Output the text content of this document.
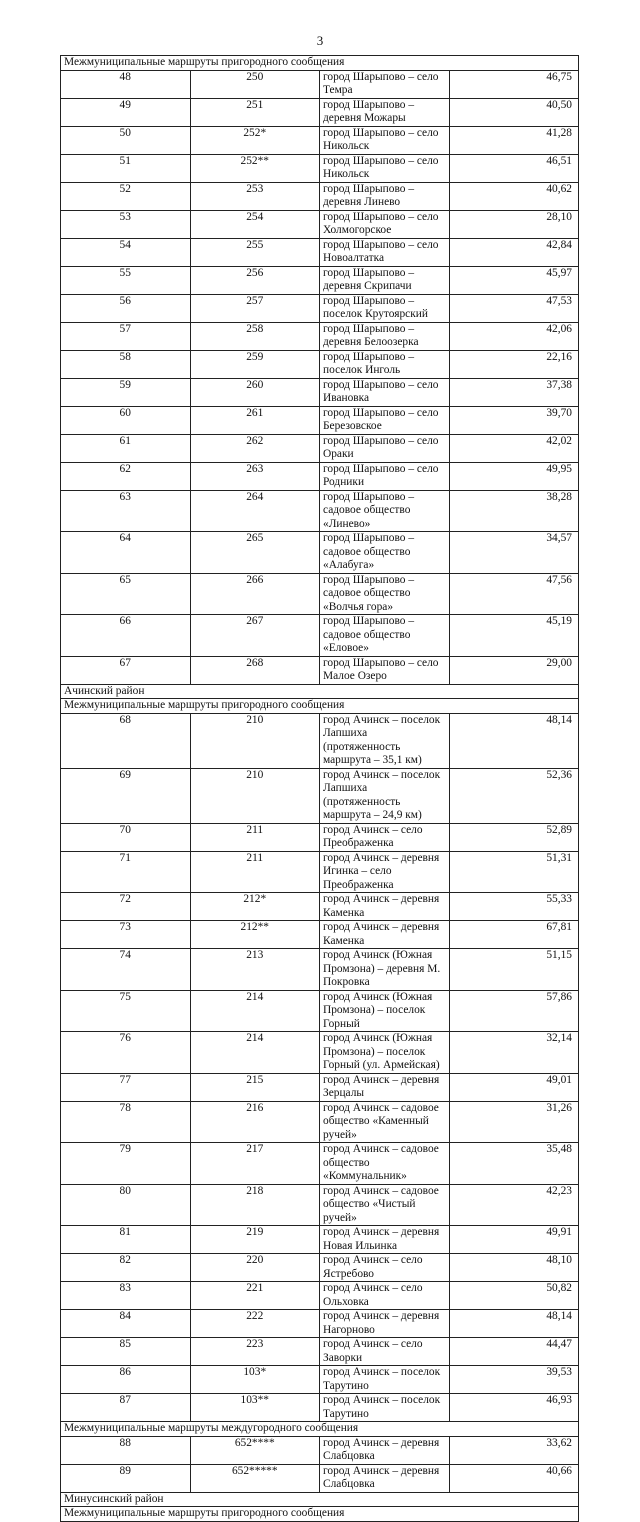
3
Межмуниципальные маршруты пригородного сообщения			
48	250	город Шарыпово – село Темра	46,75
49	251	город Шарыпово – деревня Можары	40,50
50	252*	город Шарыпово – село Никольск	41,28
51	252**	город Шарыпово – село Никольск	46,51
52	253	город Шарыпово – деревня Линево	40,62
53	254	город Шарыпово – село Холмогорское	28,10
54	255	город Шарыпово – село Новоалтатка	42,84
55	256	город Шарыпово – деревня Скрипачи	45,97
56	257	город Шарыпово – поселок Крутоярский	47,53
57	258	город Шарыпово – деревня Белоозерка	42,06
58	259	город Шарыпово – поселок Инголь	22,16
59	260	город Шарыпово – село Ивановка	37,38
60	261	город Шарыпово – село Березовское	39,70
61	262	город Шарыпово – село Ораки	42,02
62	263	город Шарыпово – село Родники	49,95
63	264	город Шарыпово – садовое общество «Линево»	38,28
64	265	город Шарыпово – садовое общество «Алабуга»	34,57
65	266	город Шарыпово – садовое общество «Волчья гора»	47,56
66	267	город Шарыпово – садовое общество «Еловое»	45,19
67	268	город Шарыпово – село Малое Озеро	29,00
Ачинский район			
Межмуниципальные маршруты пригородного сообщения			
68	210	город Ачинск – поселок Лапшиха (протяженность маршрута – 35,1 км)	48,14
69	210	город Ачинск – поселок Лапшиха (протяженность маршрута – 24,9 км)	52,36
70	211	город Ачинск – село Преображенка	52,89
71	211	город Ачинск – деревня Игинка – село Преображенка	51,31
72	212*	город Ачинск – деревня Каменка	55,33
73	212**	город Ачинск – деревня Каменка	67,81
74	213	город Ачинск (Южная Промзона) – деревня М. Покровка	51,15
75	214	город Ачинск (Южная Промзона) – поселок Горный	57,86
76	214	город Ачинск (Южная Промзона) – поселок Горный (ул. Армейская)	32,14
77	215	город Ачинск – деревня Зерцалы	49,01
78	216	город Ачинск – садовое общество «Каменный ручей»	31,26
79	217	город Ачинск – садовое общество «Коммунальник»	35,48
80	218	город Ачинск – садовое общество «Чистый ручей»	42,23
81	219	город Ачинск – деревня Новая Ильинка	49,91
82	220	город Ачинск – село Ястребово	48,10
83	221	город Ачинск – село Ольховка	50,82
84	222	город Ачинск – деревня Нагорново	48,14
85	223	город Ачинск – село Заворки	44,47
86	103*	город Ачинск – поселок Тарутино	39,53
87	103**	город Ачинск – поселок Тарутино	46,93
Межмуниципальные маршруты междугородного сообщения			
88	652****	город Ачинск – деревня Слабцовка	33,62
89	652*****	город Ачинск – деревня Слабцовка	40,66
Минусинский район			
Межмуниципальные маршруты пригородного сообщения			
